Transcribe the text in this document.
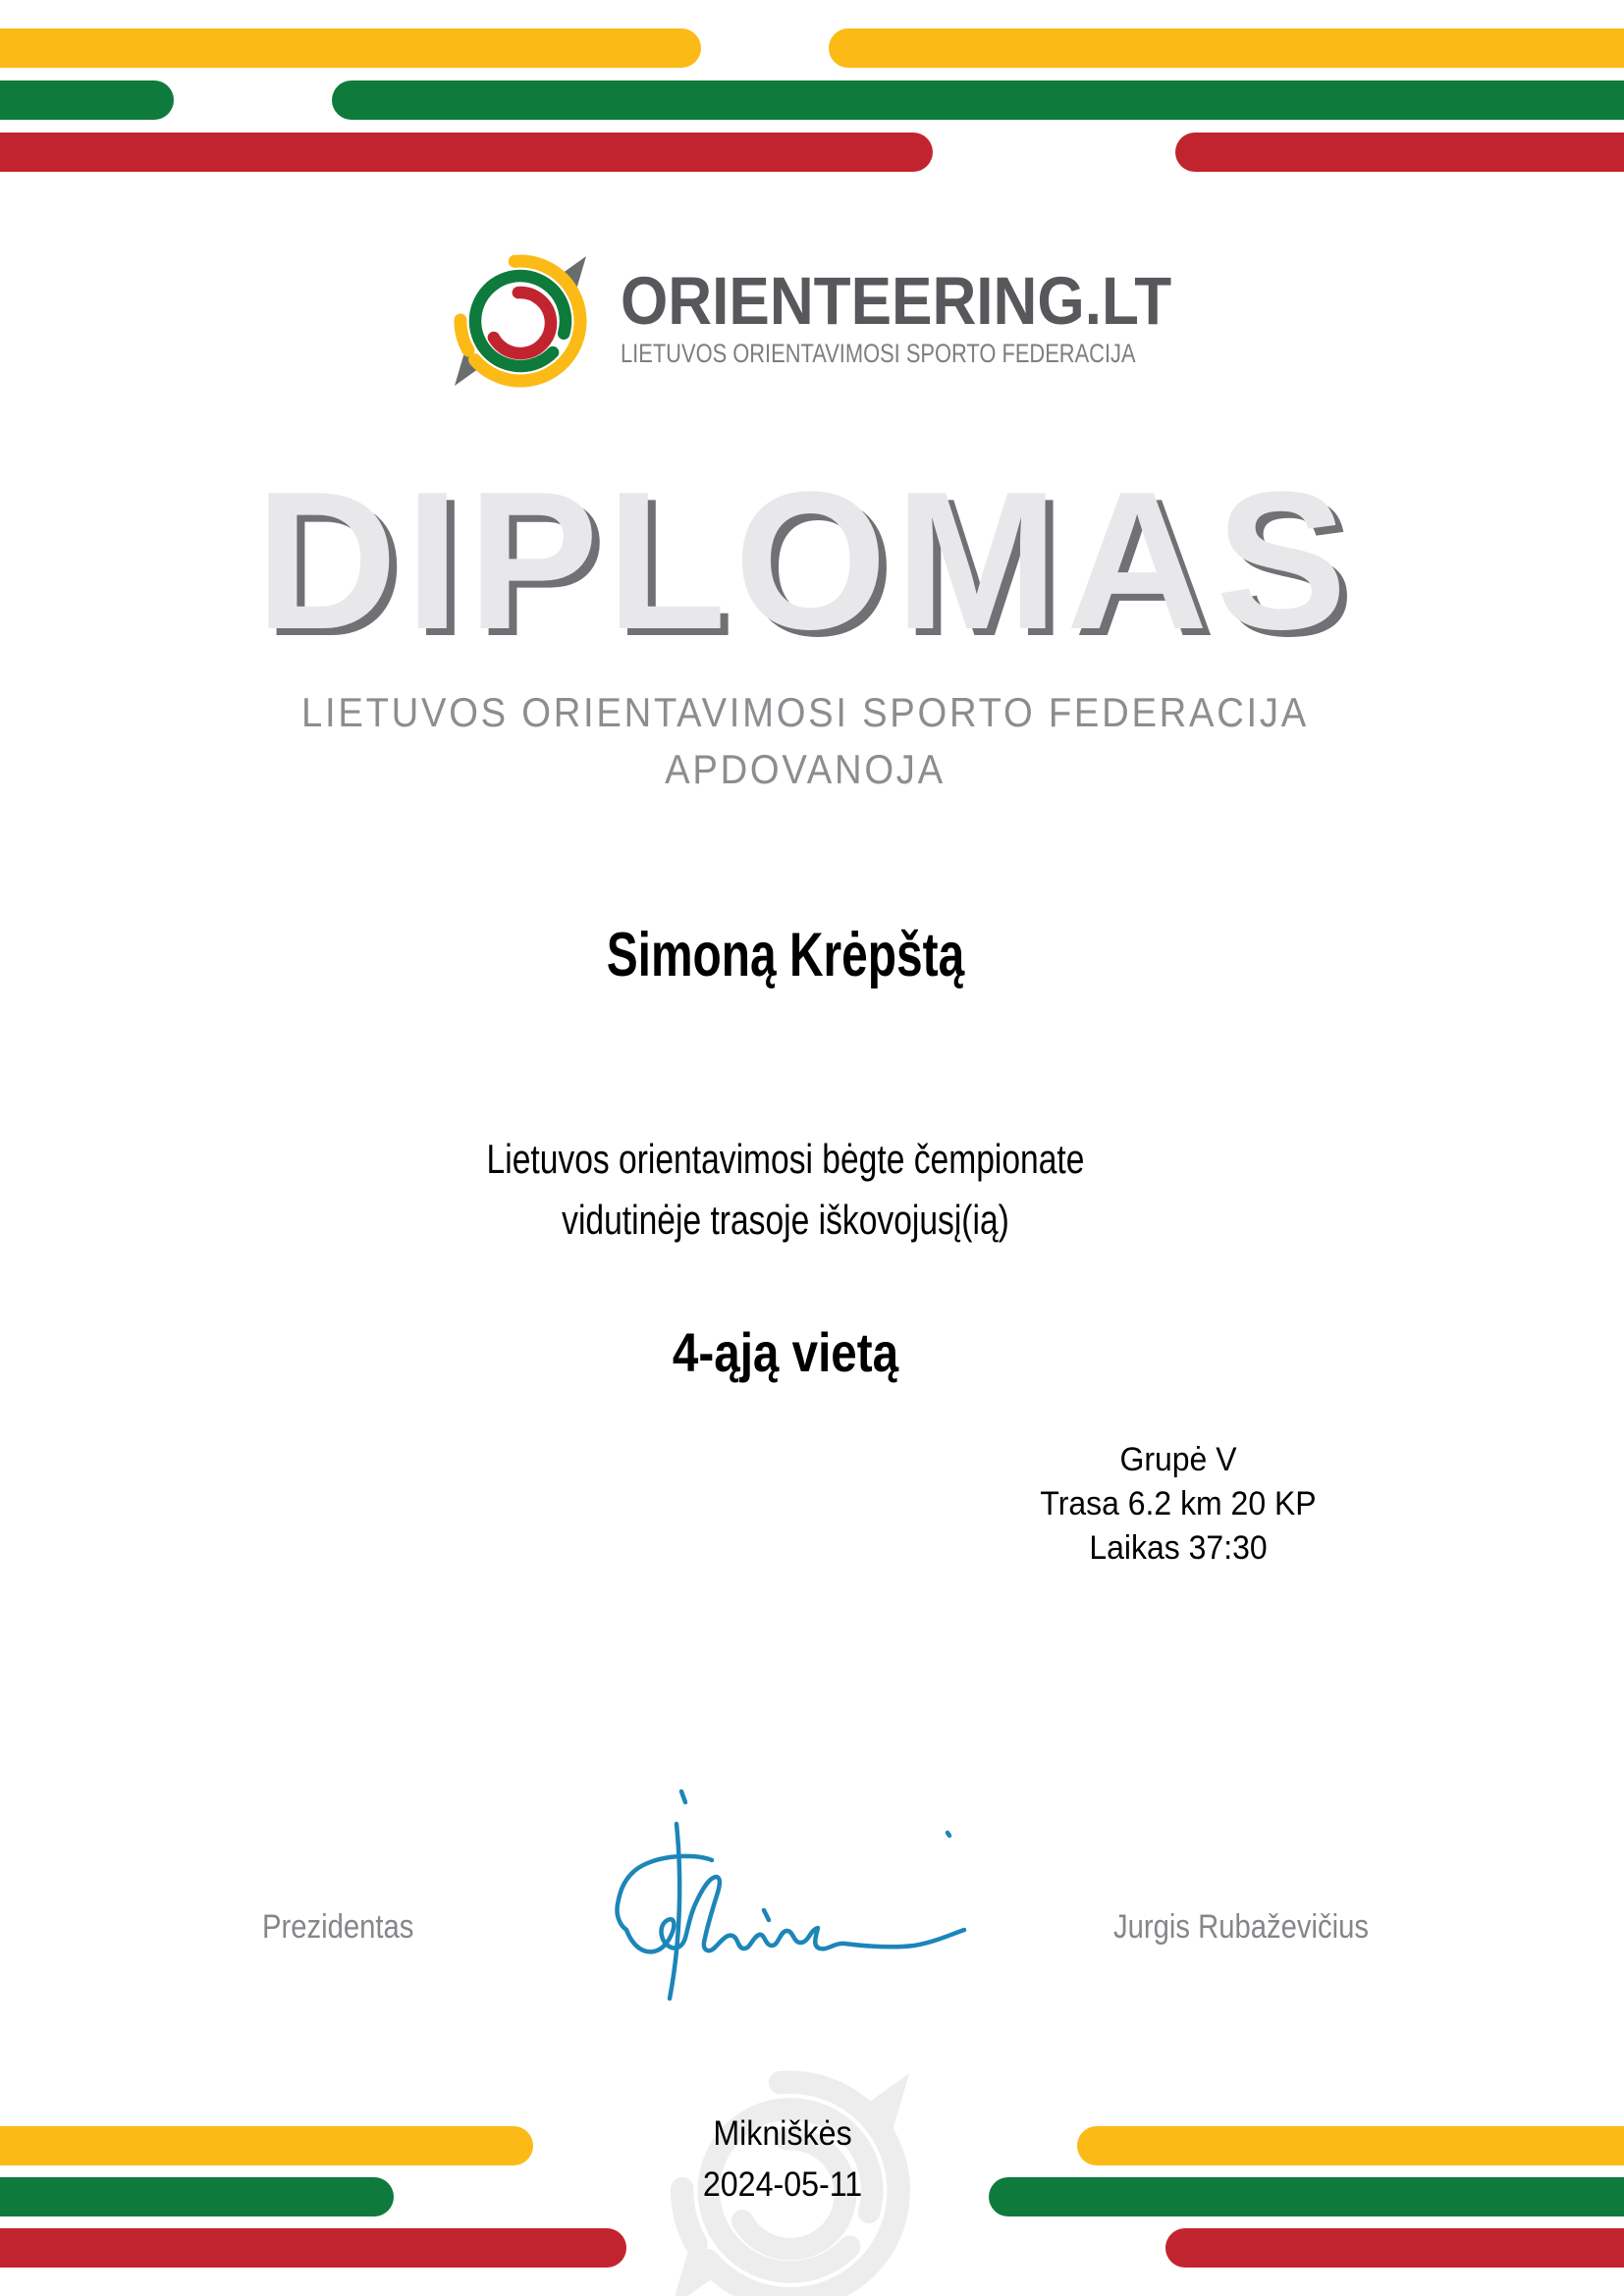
ORIENTEERING.LT
LIETUVOS ORIENTAVIMOSI SPORTO FEDERACIJA
DIPLOMAS
LIETUVOS ORIENTAVIMOSI SPORTO FEDERACIJA
APDOVANOJA
Simoną Krėpštą
Lietuvos orientavimosi bėgte čempionate
vidutinėje trasoje iškovojusį(ią)
4-ąją vietą
Grupė V
Trasa 6.2 km 20 KP
Laikas 37:30
Prezidentas	Jurgis Rubaževičius
Mikniškės
2024-05-11
